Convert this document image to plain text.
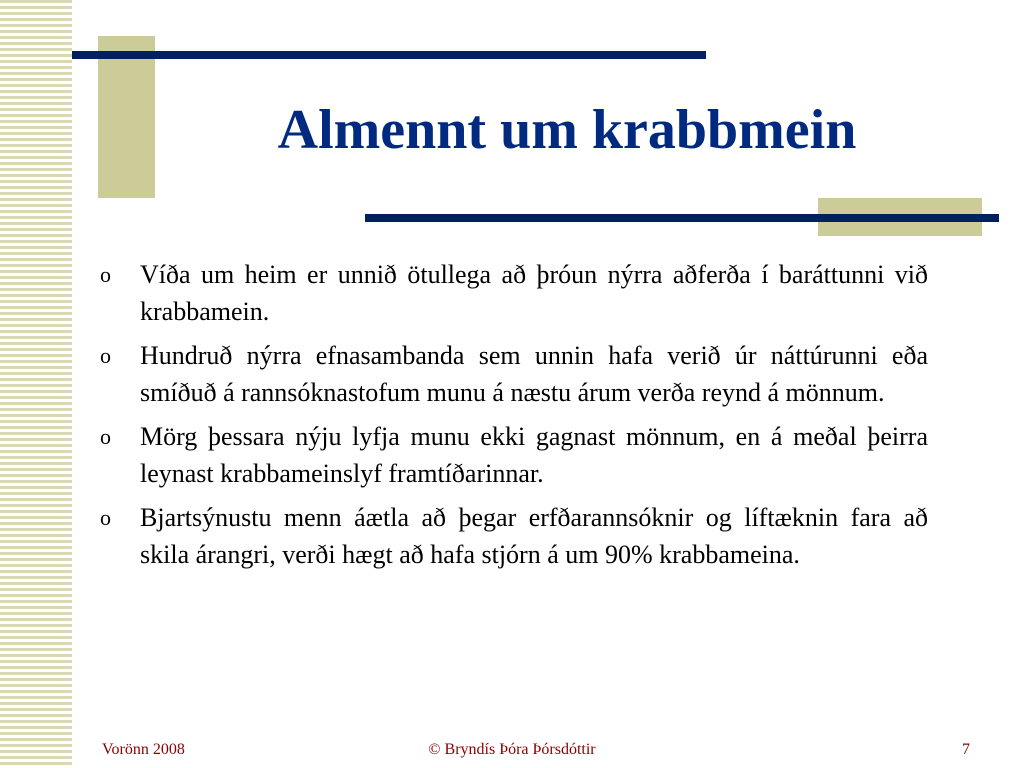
Almennt um krabbmein
o Víða um heim er unnið ötullega að þróun nýrra aðferða í baráttunni við krabbamein.
o Hundruð nýrra efnasambanda sem unnin hafa verið úr náttúrunni eða smíðuð á rannsóknastofum munu á næstu árum verða reynd á mönnum.
o Mörg þessara nýju lyfja munu ekki gagnast mönnum, en á meðal þeirra leynast krabbameinslyf framtíðarinnar.
o Bjartsýnustu menn áætla að þegar erfðarannsóknir og líftæknin fara að skila árangri, verði hægt að hafa stjórn á um 90% krabbameina.
© Bryndís Þóra Þórsdóttir
Vorönn 2008	7
